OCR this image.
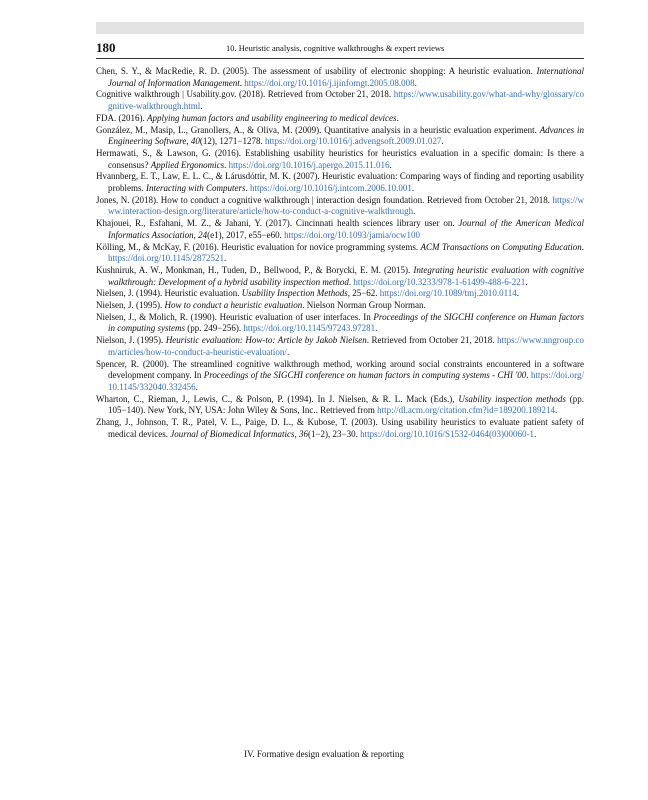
180	10. Heuristic analysis, cognitive walkthroughs & expert reviews
Chen, S. Y., & MacRedie, R. D. (2005). The assessment of usability of electronic shopping: A heuristic evaluation. International Journal of Information Management. https://doi.org/10.1016/j.ijinfomgt.2005.08.008.
Cognitive walkthrough | Usability.gov. (2018). Retrieved from October 21, 2018. https://www.usability.gov/what-and-why/glossary/cognitive-walkthrough.html.
FDA. (2016). Applying human factors and usability engineering to medical devices.
González, M., Masip, L., Granollers, A., & Oliva, M. (2009). Quantitative analysis in a heuristic evaluation experiment. Advances in Engineering Software, 40(12), 1271−1278. https://doi.org/10.1016/j.advengsoft.2009.01.027.
Hermawati, S., & Lawson, G. (2016). Establishing usability heuristics for heuristics evaluation in a specific domain: Is there a consensus? Applied Ergonomics. https://doi.org/10.1016/j.apergo.2015.11.016.
Hvannberg, E. T., Law, E. L. C., & Lárusdóttir, M. K. (2007). Heuristic evaluation: Comparing ways of finding and reporting usability problems. Interacting with Computers. https://doi.org/10.1016/j.intcom.2006.10.001.
Jones, N. (2018). How to conduct a cognitive walkthrough | interaction design foundation. Retrieved from October 21, 2018. https://www.interaction-design.org/literature/article/how-to-conduct-a-cognitive-walkthrough.
Khajouei, R., Esfahani, M. Z., & Jahani, Y. (2017). Cincinnati health sciences library user on. Journal of the American Medical Informatics Association, 24(e1), 2017, e55−e60. https://doi.org/10.1093/jamia/ocw100
Kölling, M., & McKay, F. (2016). Heuristic evaluation for novice programming systems. ACM Transactions on Computing Education. https://doi.org/10.1145/2872521.
Kushniruk, A. W., Monkman, H., Tuden, D., Bellwood, P., & Borycki, E. M. (2015). Integrating heuristic evaluation with cognitive walkthrough: Development of a hybrid usability inspection method. https://doi.org/10.3233/978-1-61499-488-6-221.
Nielsen, J. (1994). Heuristic evaluation. Usability Inspection Methods, 25−62. https://doi.org/10.1089/tmj.2010.0114.
Nielsen, J. (1995). How to conduct a heuristic evaluation. Nielson Norman Group Norman.
Nielsen, J., & Molich, R. (1990). Heuristic evaluation of user interfaces. In Proceedings of the SIGCHI conference on Human factors in computing systems (pp. 249−256). https://doi.org/10.1145/97243.97281.
Nielson, J. (1995). Heuristic evaluation: How-to: Article by Jakob Nielsen. Retrieved from October 21, 2018. https://www.nngroup.com/articles/how-to-conduct-a-heuristic-evaluation/.
Spencer, R. (2000). The streamlined cognitive walkthrough method, working around social constraints encountered in a software development company. In Proceedings of the SIGCHI conference on human factors in computing systems - CHI '00. https://doi.org/10.1145/332040.332456.
Wharton, C., Rieman, J., Lewis, C., & Polson, P. (1994). In J. Nielsen, & R. L. Mack (Eds.), Usability inspection methods (pp. 105−140). New York, NY, USA: John Wiley & Sons, Inc.. Retrieved from http://dl.acm.org/citation.cfm?id=189200.189214.
Zhang, J., Johnson, T. R., Patel, V. L., Paige, D. L., & Kubose, T. (2003). Using usability heuristics to evaluate patient safety of medical devices. Journal of Biomedical Informatics, 36(1−2), 23−30. https://doi.org/10.1016/S1532-0464(03)00060-1.
IV. Formative design evaluation & reporting
